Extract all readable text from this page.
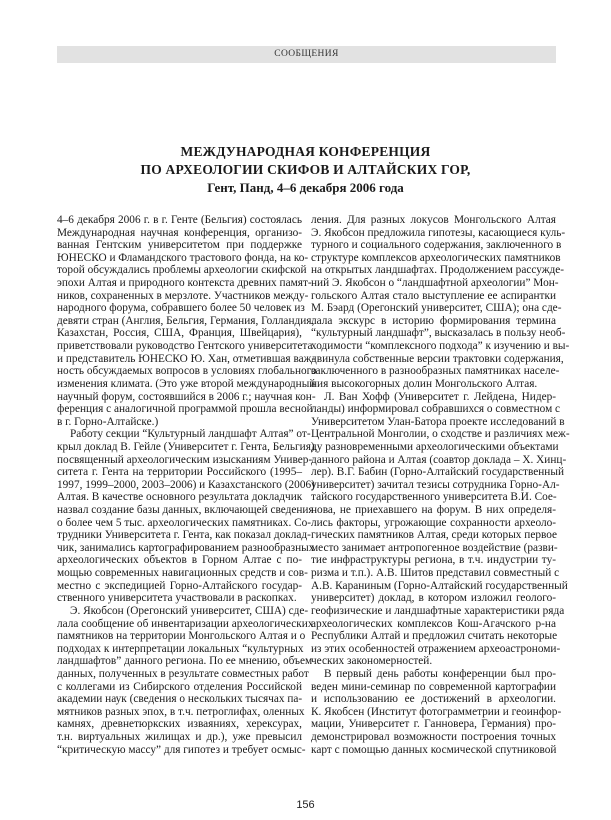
СООБЩЕНИЯ
МЕЖДУНАРОДНАЯ КОНФЕРЕНЦИЯ
ПО АРХЕОЛОГИИ СКИФОВ И АЛТАЙСКИХ ГОР,
Гент, Панд, 4–6 декабря 2006 года
4–6 декабря 2006 г. в г. Генте (Бельгия) состоялась
Международная научная конференция, организо-
ванная Гентским университетом при поддержке
ЮНЕСКО и Фламандского трастового фонда, на ко-
торой обсуждались проблемы археологии скифской
эпохи Алтая и природного контекста древних памят-
ников, сохраненных в мерзлоте. Участников между-
народного форума, собравшего более 50 человек из
девяти стран (Англия, Бельгия, Германия, Голландия,
Казахстан, Россия, США, Франция, Швейцария),
приветствовали руководство Гентского университета
и представитель ЮНЕСКО Ю. Хан, отметившая важ-
ность обсуждаемых вопросов в условиях глобального
изменения климата. (Это уже второй международный
научный форум, состоявшийся в 2006 г.; научная кон-
ференция с аналогичной программой прошла весной
в г. Горно-Алтайске.)
Работу секции “Культурный ландшафт Алтая” от-
крыл доклад В. Гейле (Университет г. Гента, Бельгия),
посвященный археологическим изысканиям Универ-
ситета г. Гента на территории Российского (1995–
1997, 1999–2000, 2003–2006) и Казахстанского (2006)
Алтая. В качестве основного результата докладчик
назвал создание базы данных, включающей сведения
о более чем 5 тыс. археологических памятниках. Со-
трудники Университета г. Гента, как показал доклад-
чик, занимались картографированием разнообразных
археологических объектов в Горном Алтае с по-
мощью современных навигационных средств и сов-
местно с экспедицией Горно-Алтайского государ-
ственного университета участвовали в раскопках.
Э. Якобсон (Орегонский университет, США) сде-
лала сообщение об инвентаризации археологических
памятников на территории Монгольского Алтая и о
подходах к интерпретации локальных “культурных
ландшафтов” данного региона. По ее мнению, объем
данных, полученных в результате совместных работ
с коллегами из Сибирского отделения Российской
академии наук (сведения о нескольких тысячах па-
мятников разных эпох, в т.ч. петроглифах, оленных
камнях, древнетюркских изваяниях, херексурах,
т.н. виртуальных жилищах и др.), уже превысил
“критическую массу” для гипотез и требует осмыс-
ления. Для разных локусов Монгольского Алтая
Э. Якобсон предложила гипотезы, касающиеся куль-
турного и социального содержания, заключенного в
структуре комплексов археологических памятников
на открытых ландшафтах. Продолжением рассужде-
ний Э. Якобсон о “ландшафтной археологии” Мон-
гольского Алтая стало выступление ее аспирантки
М. Бэард (Орегонский университет, США); она сде-
лала экскурс в историю формирования термина
“культурный ландшафт”, высказалась в пользу необ-
ходимости “комплексного подхода” к изучению и вы-
двинула собственные версии трактовки содержания,
заключенного в разнообразных памятниках населе-
ния высокогорных долин Монгольского Алтая.
Л. Ван Хофф (Университет г. Лейдена, Нидер-
ланды) информировал собравшихся о совместном с
Университетом Улан-Батора проекте исследований в
Центральной Монголии, о сходстве и различиях меж-
ду разновременными археологическими объектами
данного района и Алтая (соавтор доклада – Х. Хинц-
лер). В.Г. Бабин (Горно-Алтайский государственный
университет) зачитал тезисы сотрудника Горно-Ал-
тайского государственного университета В.И. Сое-
нова, не приехавшего на форум. В них определя-
лись факторы, угрожающие сохранности археоло-
гических памятников Алтая, среди которых первое
место занимает антропогенное воздействие (разви-
тие инфраструктуры региона, в т.ч. индустрии ту-
ризма и т.п.). А.В. Шитов представил совместный с
А.В. Караниным (Горно-Алтайский государственный
университет) доклад, в котором изложил геолого-
геофизические и ландшафтные характеристики ряда
археологических комплексов Кош-Агачского р-на
Республики Алтай и предложил считать некоторые
из этих особенностей отражением археоастрономи-
ческих закономерностей.
В первый день работы конференции был про-
веден мини-семинар по современной картографии
и использованию ее достижений в археологии.
К. Якобсен (Институт фотограмметрии и геоинфор-
мации, Университет г. Ганновера, Германия) про-
демонстрировал возможности построения точных
карт с помощью данных космической спутниковой
156
